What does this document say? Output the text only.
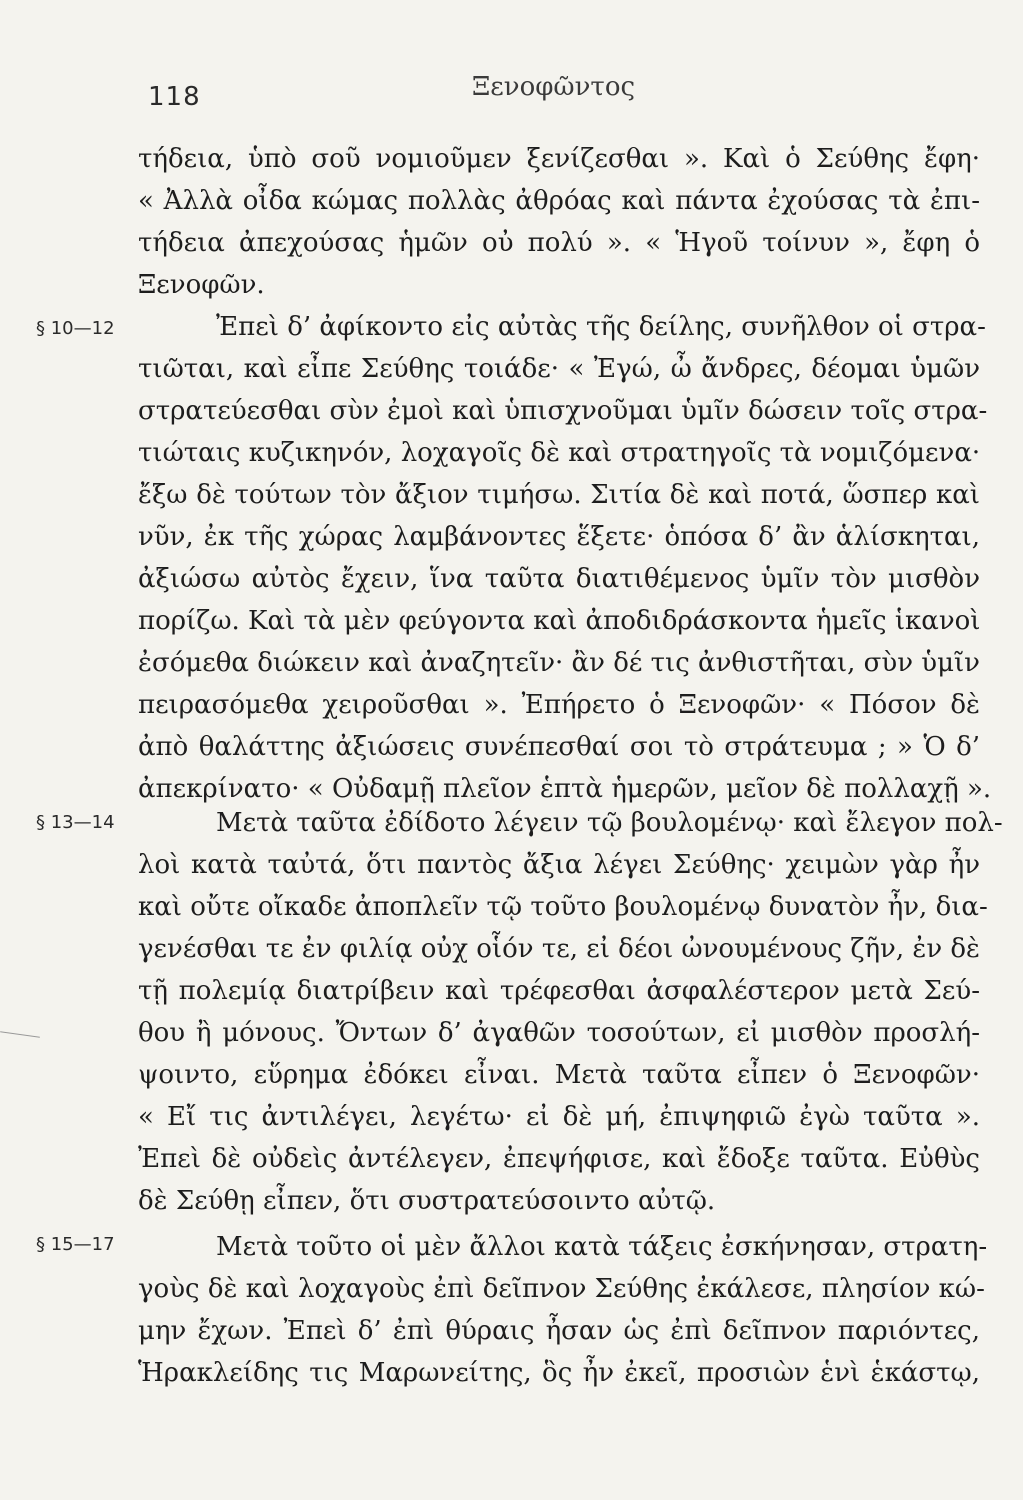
118	Ξενοφῶντος
§ 10—12
§ 13—14
§ 15—17
τήδεια, ὑπὸ σοῦ νομιοῦμεν ξενίζεσθαι ». Καὶ ὁ Σεύθης ἔφη·
« Ἀλλὰ οἶδα κώμας πολλὰς ἀθρόας καὶ πάντα ἐχούσας τὰ ἐπι-
τήδεια ἀπεχούσας ἡμῶν οὐ πολύ ». « Ἡγοῦ τοίνυν », ἔφη ὁ
Ξενοφῶν.
Ἐπεὶ δ’ ἀφίκοντο εἰς αὐτὰς τῆς δείλης, συνῆλθον οἱ στρα-
τιῶται, καὶ εἶπε Σεύθης τοιάδε· « Ἐγώ, ὦ ἄνδρες, δέομαι ὑμῶν
στρατεύεσθαι σὺν ἐμοὶ καὶ ὑπισχνοῦμαι ὑμῖν δώσειν τοῖς στρα-
τιώταις κυζικηνόν, λοχαγοῖς δὲ καὶ στρατηγοῖς τὰ νομιζόμενα·
ἔξω δὲ τούτων τὸν ἄξιον τιμήσω. Σιτία δὲ καὶ ποτά, ὥσπερ καὶ
νῦν, ἐκ τῆς χώρας λαμβάνοντες ἕξετε· ὁπόσα δ’ ἂν ἁλίσκηται,
ἀξιώσω αὐτὸς ἔχειν, ἵνα ταῦτα διατιθέμενος ὑμῖν τὸν μισθὸν
πορίζω. Καὶ τὰ μὲν φεύγοντα καὶ ἀποδιδράσκοντα ἡμεῖς ἱκανοὶ
ἐσόμεθα διώκειν καὶ ἀναζητεῖν· ἂν δέ τις ἀνθιστῆται, σὺν ὑμῖν
πειρασόμεθα χειροῦσθαι ». Ἐπήρετο ὁ Ξενοφῶν· « Πόσον δὲ
ἀπὸ θαλάττης ἀξιώσεις συνέπεσθαί σοι τὸ στράτευμα ; » Ὁ δ’
ἀπεκρίνατο· « Οὐδαμῇ πλεῖον ἑπτὰ ἡμερῶν, μεῖον δὲ πολλαχῇ ».
Μετὰ ταῦτα ἐδίδοτο λέγειν τῷ βουλομένῳ· καὶ ἔλεγον πολ-
λοὶ κατὰ ταὐτά, ὅτι παντὸς ἄξια λέγει Σεύθης· χειμὼν γὰρ ἦν
καὶ οὔτε οἴκαδε ἀποπλεῖν τῷ τοῦτο βουλομένῳ δυνατὸν ἦν, δια-
γενέσθαι τε ἐν φιλίᾳ οὐχ οἷόν τε, εἰ δέοι ὠνουμένους ζῆν, ἐν δὲ
τῇ πολεμίᾳ διατρίβειν καὶ τρέφεσθαι ἀσφαλέστερον μετὰ Σεύ-
θου ἢ μόνους. Ὄντων δ’ ἀγαθῶν τοσούτων, εἰ μισθὸν προσλή-
ψοιντο, εὕρημα ἐδόκει εἶναι. Μετὰ ταῦτα εἶπεν ὁ Ξενοφῶν·
« Εἴ τις ἀντιλέγει, λεγέτω· εἰ δὲ μή, ἐπιψηφιῶ ἐγὼ ταῦτα ».
Ἐπεὶ δὲ οὐδεὶς ἀντέλεγεν, ἐπεψήφισε, καὶ ἔδοξε ταῦτα. Εὐθὺς
δὲ Σεύθῃ εἶπεν, ὅτι συστρατεύσοιντο αὐτῷ.
Μετὰ τοῦτο οἱ μὲν ἄλλοι κατὰ τάξεις ἐσκήνησαν, στρατη-
γοὺς δὲ καὶ λοχαγοὺς ἐπὶ δεῖπνον Σεύθης ἐκάλεσε, πλησίον κώ-
μην ἔχων. Ἐπεὶ δ’ ἐπὶ θύραις ἦσαν ὡς ἐπὶ δεῖπνον παριόντες,
Ἡρακλείδης τις Μαρωνείτης, ὃς ἦν ἐκεῖ, προσιὼν ἑνὶ ἑκάστῳ,
